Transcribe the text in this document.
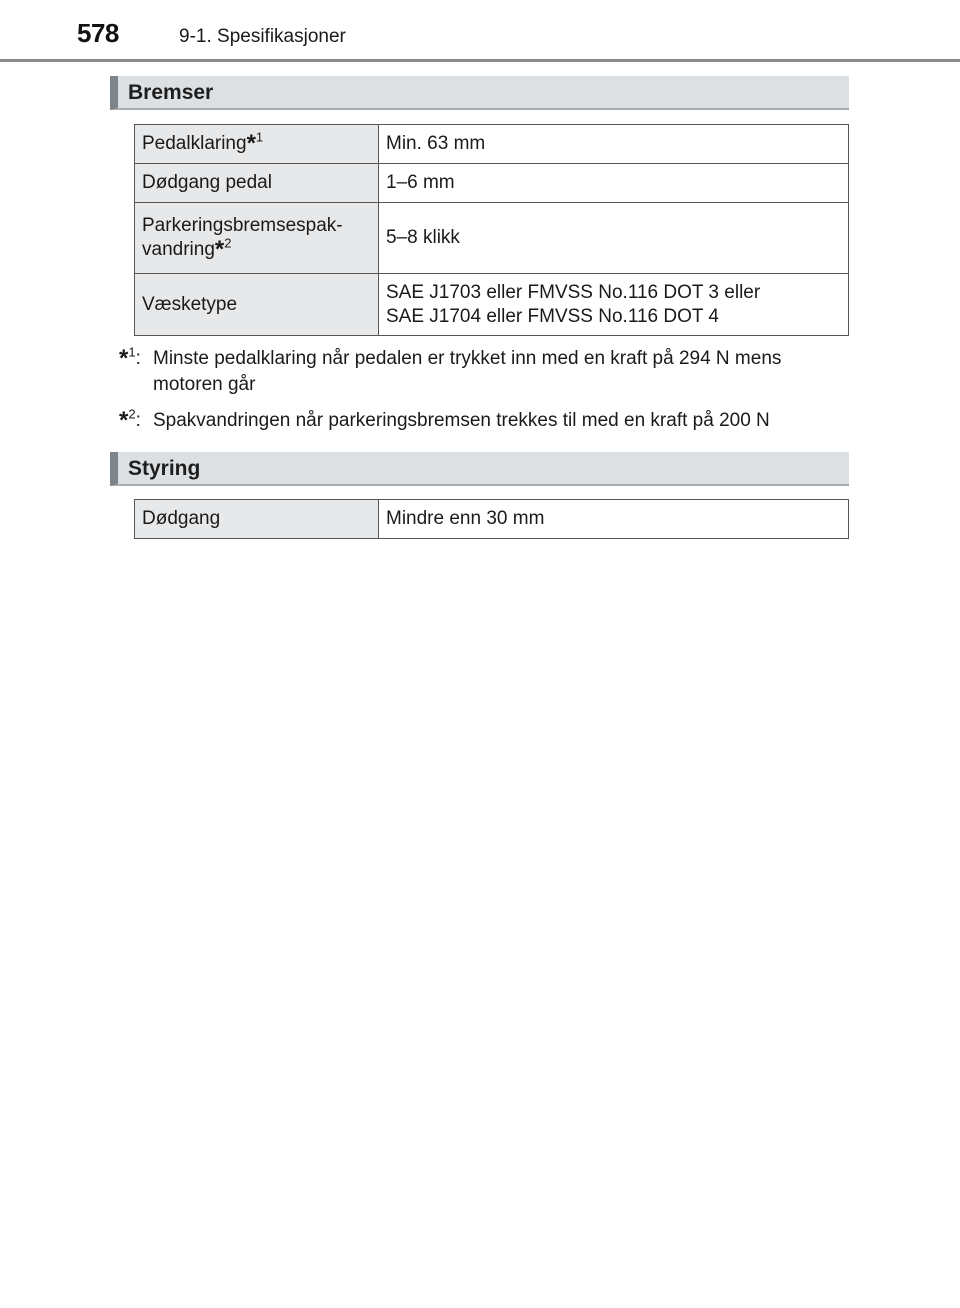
578	9-1. Spesifikasjoner
Bremser
Pedalklaring*$^1$	Min. 63 mm
Dødgang pedal	1–6 mm
Parkeringsbremsespak-
vandring*$^2$	5–8 klikk
Væsketype	SAE J1703 eller FMVSS No.116 DOT 3 eller
SAE J1704 eller FMVSS No.116 DOT 4
*$^1$: Minste pedalklaring når pedalen er trykket inn med en kraft på 294 N mens
motoren går
*$^2$: Spakvandringen når parkeringsbremsen trekkes til med en kraft på 200 N
Styring
Dødgang	Mindre enn 30 mm
